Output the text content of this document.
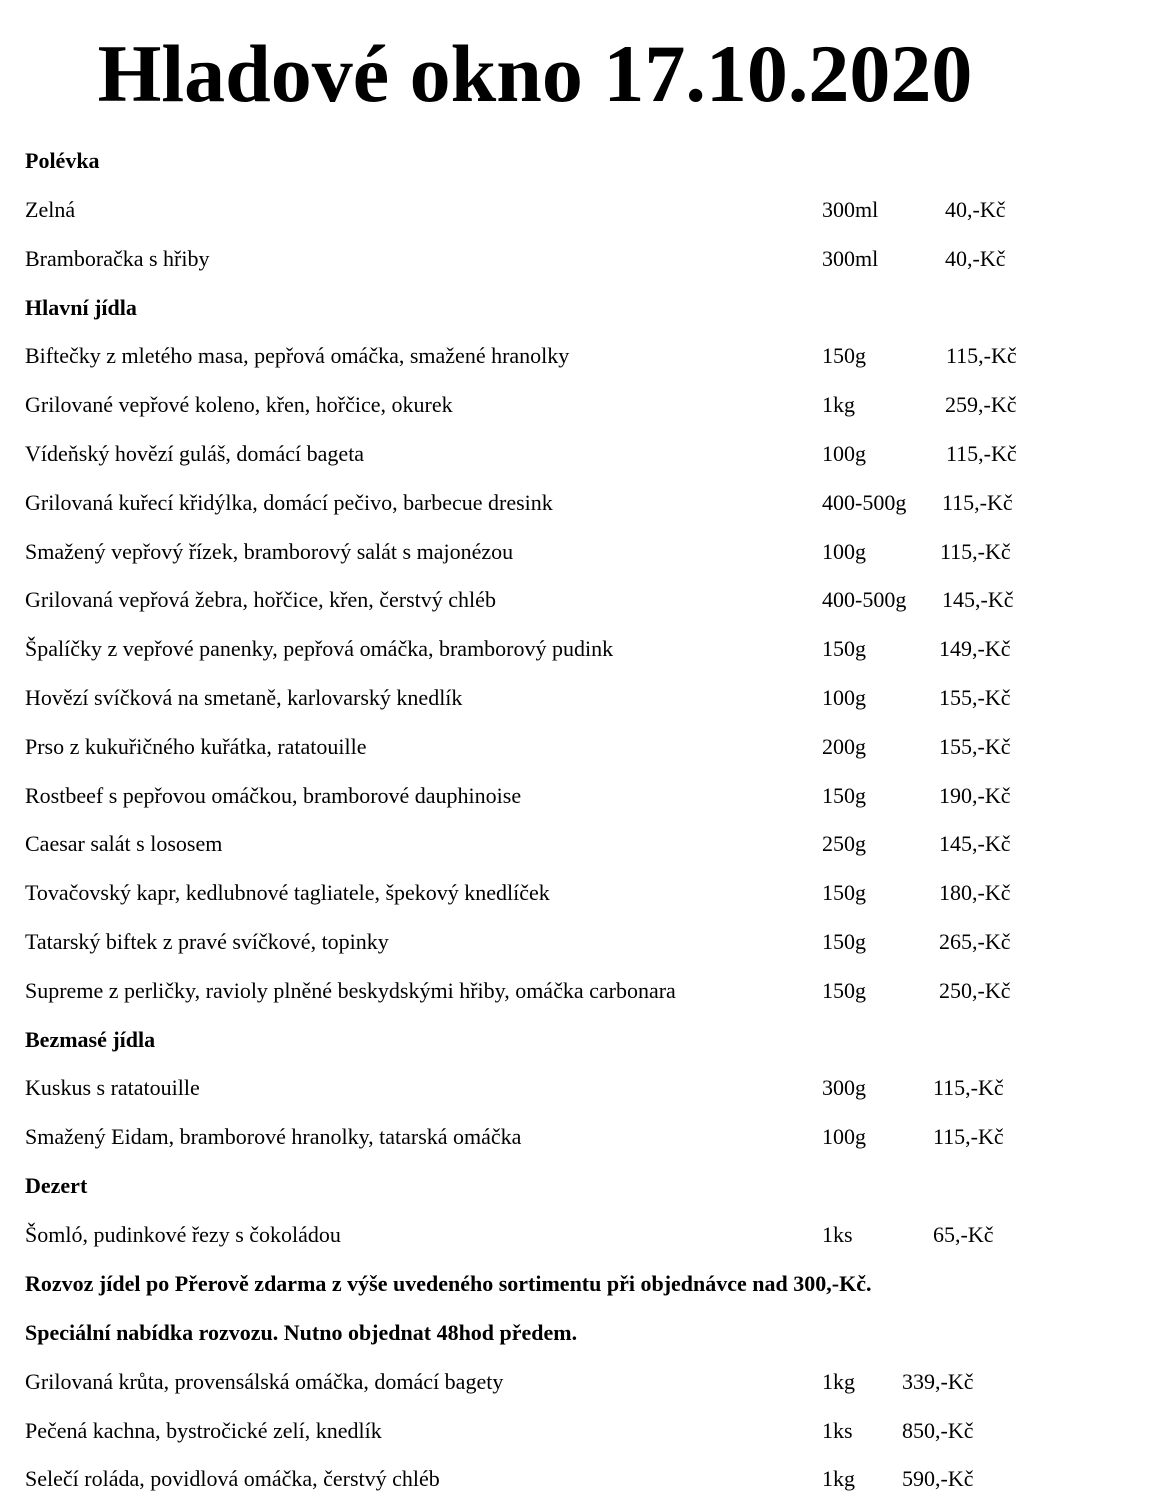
Hladové okno 17.10.2020
Polévka
Zelná	300ml	40,-Kč
Bramboračka s hřiby	300ml	40,-Kč
Hlavní jídla
Biftečky z mletého masa, pepřová omáčka, smažené hranolky	150g	115,-Kč
Grilované vepřové koleno, křen, hořčice, okurek	1kg	259,-Kč
Vídeňský hovězí guláš, domácí bageta	100g	115,-Kč
Grilovaná kuřecí křidýlka, domácí pečivo, barbecue dresink	400-500g 115,-Kč
Smažený vepřový řízek, bramborový salát s majonézou	100g	115,-Kč
Grilovaná vepřová žebra, hořčice, křen, čerstvý chléb	400-500g 145,-Kč
Špalíčky z vepřové panenky, pepřová omáčka, bramborový pudink	150g	149,-Kč
Hovězí svíčková na smetaně, karlovarský knedlík	100g	155,-Kč
Prso z kukuřičného kuřátka, ratatouille	200g	155,-Kč
Rostbeef s pepřovou omáčkou, bramborové dauphinoise	150g	190,-Kč
Caesar salát s lososem	250g	145,-Kč
Tovačovský kapr, kedlubnové tagliatele, špekový knedlíček	150g	180,-Kč
Tatarský biftek z pravé svíčkové, topinky	150g	265,-Kč
Supreme z perličky, ravioly plněné beskydskými hřiby, omáčka carbonara	150g	250,-Kč
Bezmasé jídla
Kuskus s ratatouille	300g	115,-Kč
Smažený Eidam, bramborové hranolky, tatarská omáčka	100g	115,-Kč
Dezert
Šomló, pudinkové řezy s čokoládou	1ks	65,-Kč
Rozvoz jídel po Přerově zdarma z výše uvedeného sortimentu při objednávce nad 300,-Kč.
Speciální nabídka rozvozu. Nutno objednat 48hod předem.
Grilovaná krůta, provensálská omáčka, domácí bagety	1kg 339,-Kč
Pečená kachna, bystročické zelí, knedlík	1ks 850,-Kč
Selečí roláda, povidlová omáčka, čerstvý chléb	1kg 590,-Kč
